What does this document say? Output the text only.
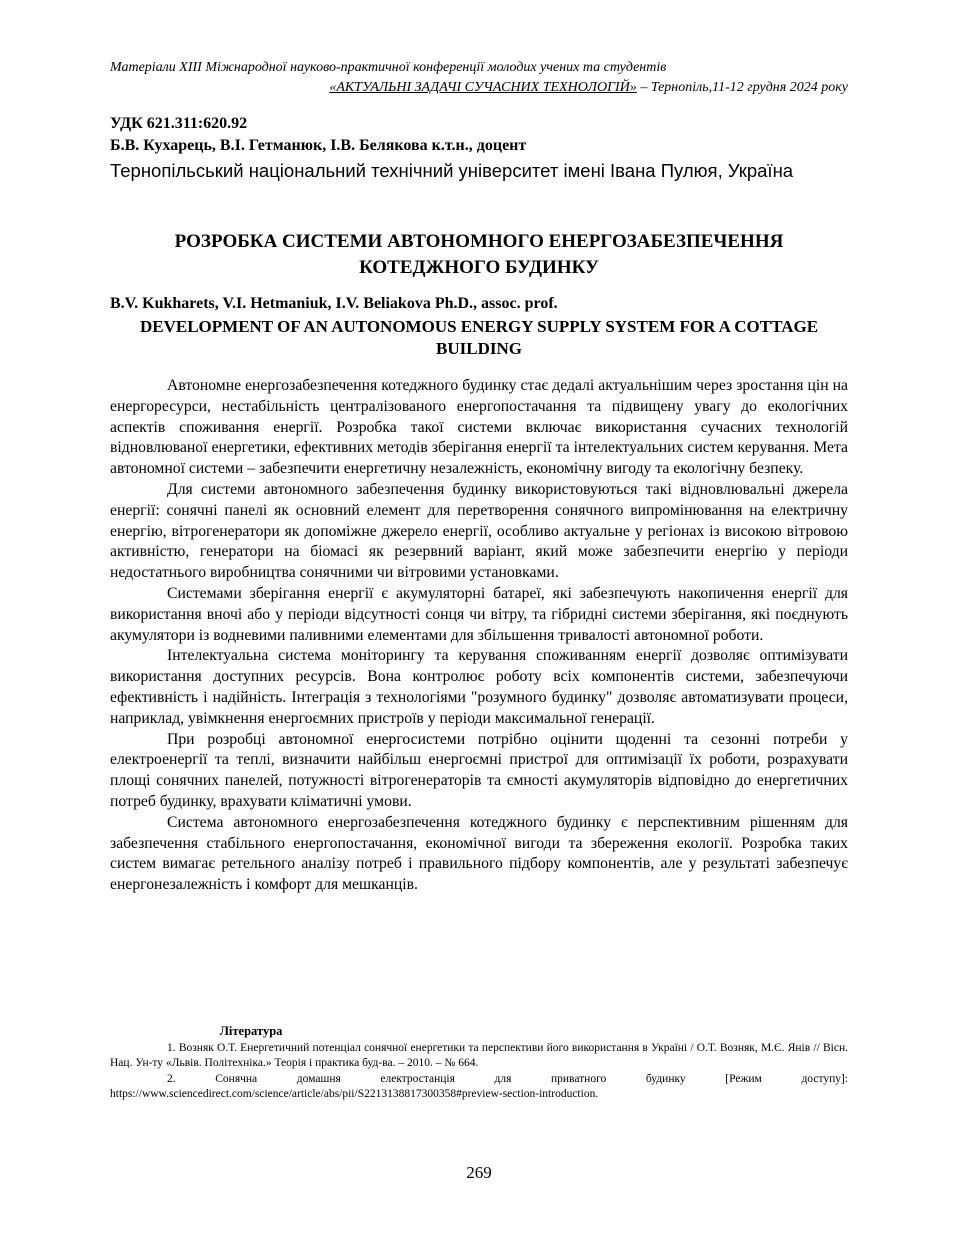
Матеріали XIII Міжнародної науково-практичної конференції молодих учених та студентів
«АКТУАЛЬНІ ЗАДАЧІ СУЧАСНИХ ТЕХНОЛОГІЙ» – Тернопіль,11-12 грудня 2024 року
УДК 621.311:620.92
Б.В. Кухарець, В.І. Гетманюк, І.В. Белякова к.т.н., доцент
Тернопільський національний технічний університет імені Івана Пулюя, Україна
РОЗРОБКА СИСТЕМИ АВТОНОМНОГО ЕНЕРГОЗАБЕЗПЕЧЕННЯ КОТЕДЖНОГО БУДИНКУ
B.V. Kukharets, V.I. Hetmaniuk, I.V. Beliakova Ph.D., assoc. prof.
DEVELOPMENT OF AN AUTONOMOUS ENERGY SUPPLY SYSTEM FOR A COTTAGE BUILDING

Автономне енергозабезпечення котеджного будинку стає дедалі актуальнішим через зростання цін на енергоресурси, нестабільність централізованого енергопостачання та підвищену увагу до екологічних аспектів споживання енергії. Розробка такої системи включає використання сучасних технологій відновлюваної енергетики, ефективних методів зберігання енергії та інтелектуальних систем керування. Мета автономної системи – забезпечити енергетичну незалежність, економічну вигоду та екологічну безпеку.

Для системи автономного забезпечення будинку використовуються такі відновлювальні джерела енергії: сонячні панелі як основний елемент для перетворення сонячного випромінювання на електричну енергію, вітрогенератори як допоміжне джерело енергії, особливо актуальне у регіонах із високою вітровою активністю, генератори на біомасі як резервний варіант, який може забезпечити енергію у періоди недостатнього виробництва сонячними чи вітровими установками.

Системами зберігання енергії є акумуляторні батареї, які забезпечують накопичення енергії для використання вночі або у періоди відсутності сонця чи вітру, та гібридні системи зберігання, які поєднують акумулятори із водневими паливними елементами для збільшення тривалості автономної роботи.

Інтелектуальна система моніторингу та керування споживанням енергії дозволяє оптимізувати використання доступних ресурсів. Вона контролює роботу всіх компонентів системи, забезпечуючи ефективність і надійність. Інтеграція з технологіями "розумного будинку" дозволяє автоматизувати процеси, наприклад, увімкнення енергоємних пристроїв у періоди максимальної генерації.

При розробці автономної енергосистеми потрібно оцінити щоденні та сезонні потреби у електроенергії та теплі, визначити найбільш енергоємні пристрої для оптимізації їх роботи, розрахувати площі сонячних панелей, потужності вітрогенераторів та ємності акумуляторів відповідно до енергетичних потреб будинку, врахувати кліматичні умови.

Система автономного енергозабезпечення котеджного будинку є перспективним рішенням для забезпечення стабільного енергопостачання, економічної вигоди та збереження екології. Розробка таких систем вимагає ретельного аналізу потреб і правильного підбору компонентів, але у результаті забезпечує енергонезалежність і комфорт для мешканців.

Література

1. Возняк О.Т. Енергетичний потенціал сонячної енергетики та перспективи його використання в Україні / О.Т. Возняк, М.Є. Янів // Вісн. Нац. Ун-ту «Львів. Політехніка.» Теорія і практика буд-ва. – 2010. – № 664.

2. Сонячна домашня електростанція для приватного будинку [Режим доступу]: https://www.sciencedirect.com/science/article/abs/pii/S2213138817300358#preview-section-introduction.

269
